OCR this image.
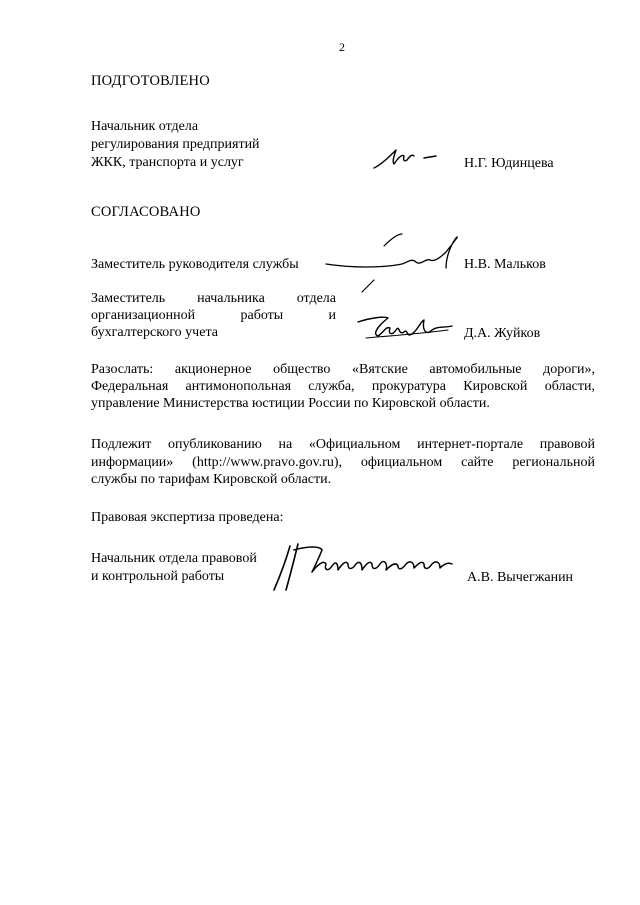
2
ПОДГОТОВЛЕНО
Начальник отдела
регулирования предприятий
ЖКК, транспорта и услуг	Н.Г. Юдинцева
СОГЛАСОВАНО
Заместитель руководителя службы	Н.В. Мальков
Заместитель начальника отдела
организационной	работы	и
бухгалтерского учета	Д.А. Жуйков
Разослать: акционерное общество «Вятские автомобильные дороги»,
Федеральная антимонопольная служба, прокуратура Кировской области,
управление Министерства юстиции России по Кировской области.
Подлежит опубликованию на «Официальном интернет-портале правовой
информации» (http://www.pravo.gov.ru), официальном сайте региональной
службы по тарифам Кировской области.
Правовая экспертиза проведена:
Начальник отдела правовой
и контрольной работы	А.В. Вычегжанин
